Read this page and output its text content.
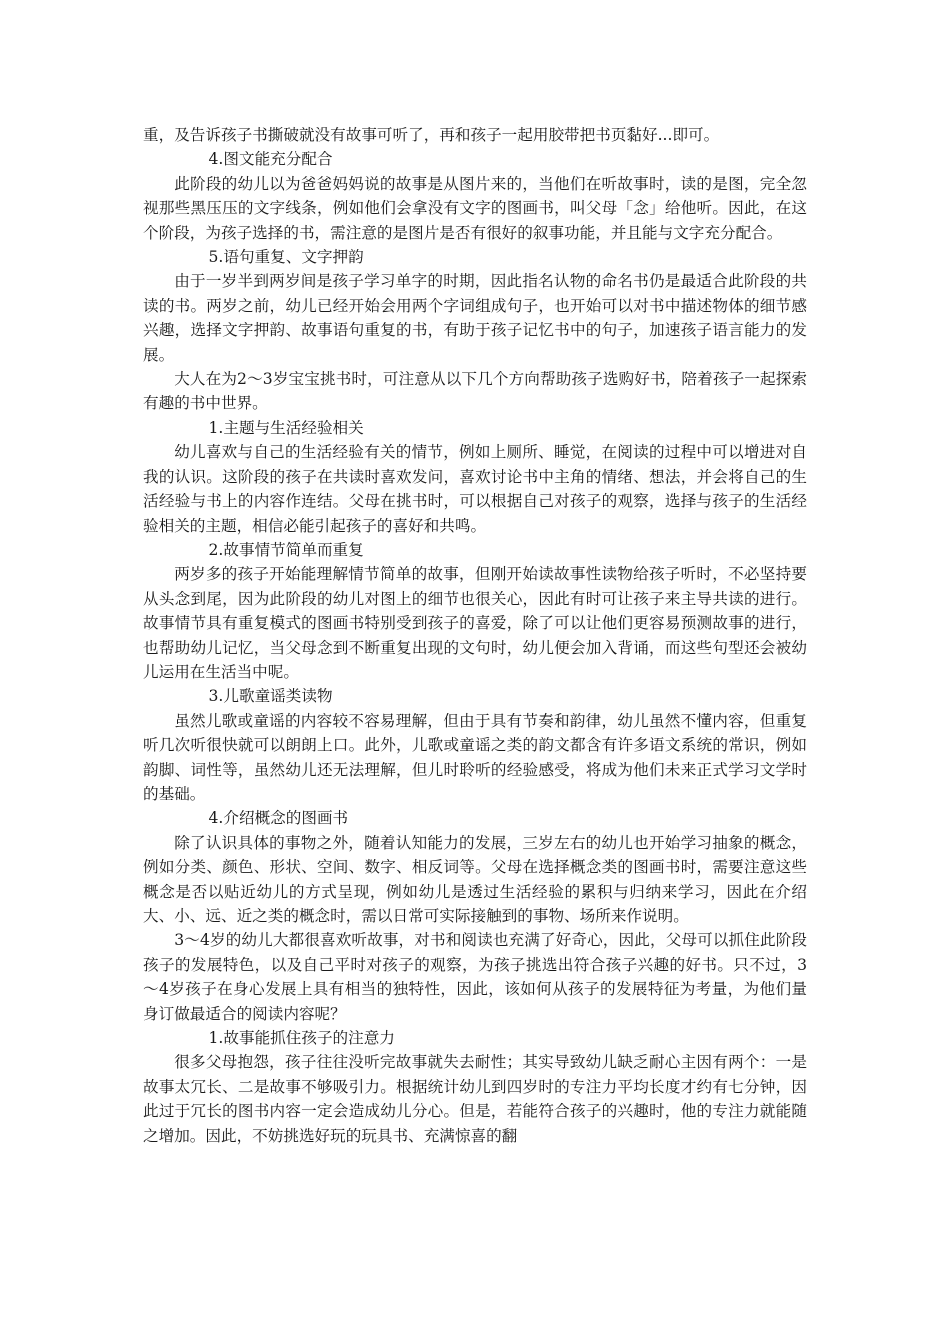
重，及告诉孩子书撕破就没有故事可听了，再和孩子一起用胶带把书页黏好...即可。

4.图文能充分配合

此阶段的幼儿以为爸爸妈妈说的故事是从图片来的，当他们在听故事时，读的是图，完全忽视那些黑压压的文字线条，例如他们会拿没有文字的图画书，叫父母「念」给他听。因此，在这个阶段，为孩子选择的书，需注意的是图片是否有很好的叙事功能，并且能与文字充分配合。

5.语句重复、文字押韵

由于一岁半到两岁间是孩子学习单字的时期，因此指名认物的命名书仍是最适合此阶段的共读的书。两岁之前，幼儿已经开始会用两个字词组成句子，也开始可以对书中描述物体的细节感兴趣，选择文字押韵、故事语句重复的书，有助于孩子记忆书中的句子，加速孩子语言能力的发展。

大人在为2～3岁宝宝挑书时，可注意从以下几个方向帮助孩子选购好书，陪着孩子一起探索有趣的书中世界。

1.主题与生活经验相关

幼儿喜欢与自己的生活经验有关的情节，例如上厕所、睡觉，在阅读的过程中可以增进对自我的认识。这阶段的孩子在共读时喜欢发问，喜欢讨论书中主角的情绪、想法，并会将自己的生活经验与书上的内容作连结。父母在挑书时，可以根据自己对孩子的观察，选择与孩子的生活经验相关的主题，相信必能引起孩子的喜好和共鸣。

2.故事情节简单而重复

两岁多的孩子开始能理解情节简单的故事，但刚开始读故事性读物给孩子听时，不必坚持要从头念到尾，因为此阶段的幼儿对图上的细节也很关心，因此有时可让孩子来主导共读的进行。故事情节具有重复模式的图画书特别受到孩子的喜爱，除了可以让他们更容易预测故事的进行，也帮助幼儿记忆，当父母念到不断重复出现的文句时，幼儿便会加入背诵，而这些句型还会被幼儿运用在生活当中呢。

3.儿歌童谣类读物

虽然儿歌或童谣的内容较不容易理解，但由于具有节奏和韵律，幼儿虽然不懂内容，但重复听几次听很快就可以朗朗上口。此外，儿歌或童谣之类的韵文都含有许多语文系统的常识，例如韵脚、词性等，虽然幼儿还无法理解，但儿时聆听的经验感受，将成为他们未来正式学习文学时的基础。

4.介绍概念的图画书

除了认识具体的事物之外，随着认知能力的发展，三岁左右的幼儿也开始学习抽象的概念，例如分类、颜色、形状、空间、数字、相反词等。父母在选择概念类的图画书时，需要注意这些概念是否以贴近幼儿的方式呈现，例如幼儿是透过生活经验的累积与归纳来学习，因此在介绍大、小、远、近之类的概念时，需以日常可实际接触到的事物、场所来作说明。

3～4岁的幼儿大都很喜欢听故事，对书和阅读也充满了好奇心，因此，父母可以抓住此阶段孩子的发展特色，以及自己平时对孩子的观察，为孩子挑选出符合孩子兴趣的好书。只不过，3～4岁孩子在身心发展上具有相当的独特性，因此，该如何从孩子的发展特征为考量，为他们量身订做最适合的阅读内容呢？

1.故事能抓住孩子的注意力

很多父母抱怨，孩子往往没听完故事就失去耐性；其实导致幼儿缺乏耐心主因有两个：一是故事太冗长、二是故事不够吸引力。根据统计幼儿到四岁时的专注力平均长度才约有七分钟，因此过于冗长的图书内容一定会造成幼儿分心。但是，若能符合孩子的兴趣时，他的专注力就能随之增加。因此，不妨挑选好玩的玩具书、充满惊喜的翻
